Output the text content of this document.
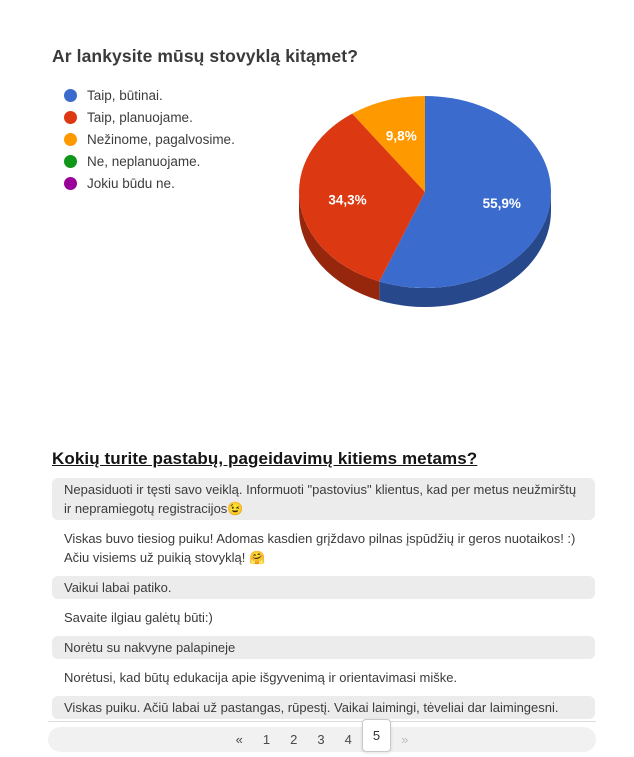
Ar lankysite mūsų stovyklą kitąmet?
Taip, būtinai.
Taip, planuojame.
Nežinome, pagalvosime.
Ne, neplanuojame.
Jokiu būdu ne.
55,9%
34,3%
9,8%
Kokių turite pastabų, pageidavimų kitiems metams?
Nepasiduoti ir tęsti savo veiklą. Informuoti "pastovius" klientus, kad per metus neužmirštų ir nepramiegotų registracijos😉
Viskas buvo tiesiog puiku! Adomas kasdien grįždavo pilnas įspūdžių ir geros nuotaikos! :) Ačiu visiems už puikią stovyklą! 🤗
Vaikui labai patiko.
Savaite ilgiau galėtų būti:)
Norėtu su nakvyne palapineje
Norėtusi, kad būtų edukacija apie išgyvenimą ir orientavimasi miške.
Viskas puiku. Ačiū labai už pastangas, rūpestį. Vaikai laimingi, tėveliai dar laimingesni.
«	1	2	3	4	5	»
